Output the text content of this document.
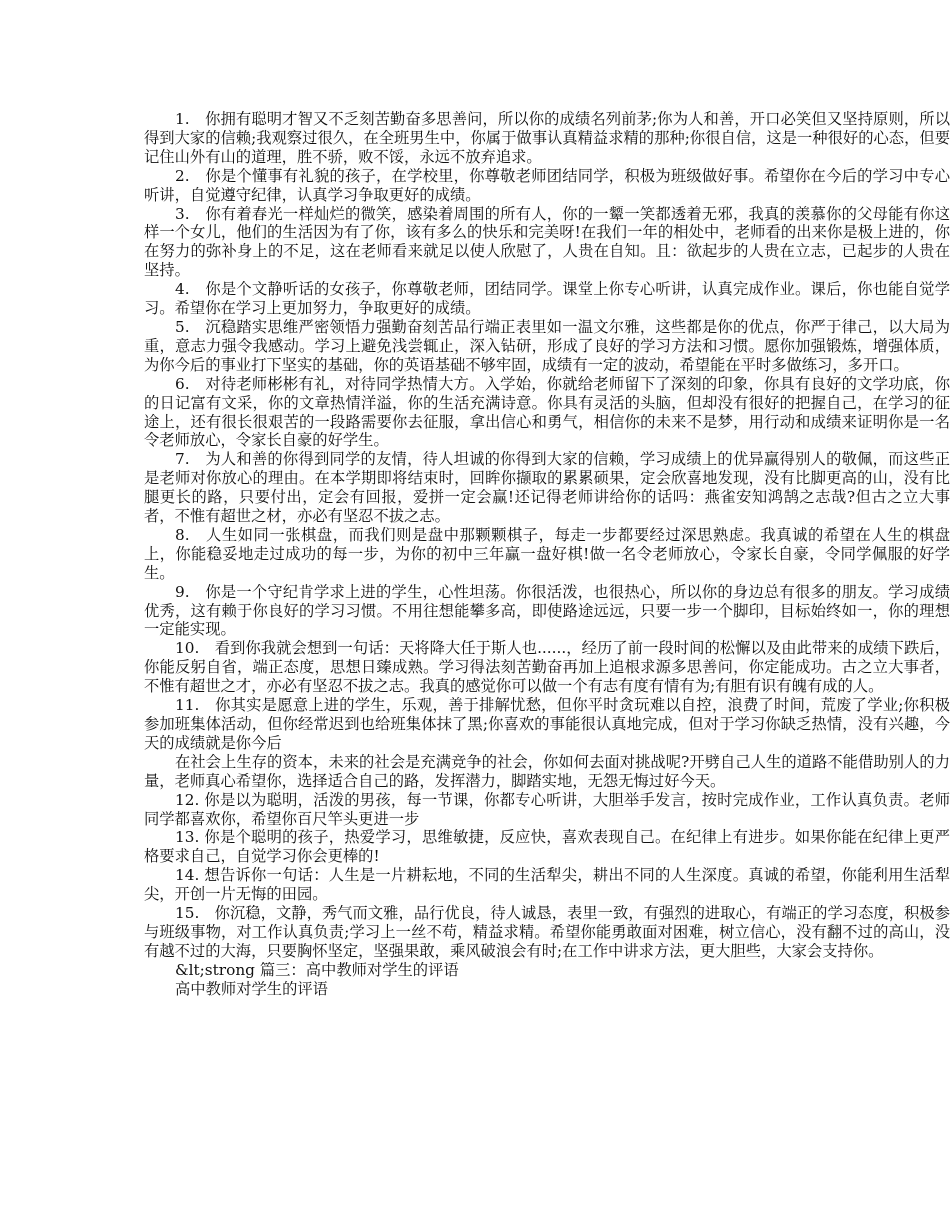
1.　你拥有聪明才智又不乏刻苦勤奋多思善问，所以你的成绩名列前茅;你为人和善，开口必笑但又坚持原则，所以得到大家的信赖;我观察过很久，在全班男生中，你属于做事认真精益求精的那种;你很自信，这是一种很好的心态，但要记住山外有山的道理，胜不骄，败不馁，永远不放弃追求。

2.　你是个懂事有礼貌的孩子，在学校里，你尊敬老师团结同学，积极为班级做好事。希望你在今后的学习中专心听讲，自觉遵守纪律，认真学习争取更好的成绩。

3.　你有着春光一样灿烂的微笑，感染着周围的所有人，你的一颦一笑都透着无邪，我真的羡慕你的父母能有你这样一个女儿，他们的生活因为有了你，该有多么的快乐和完美呀!在我们一年的相处中，老师看的出来你是极上进的，你在努力的弥补身上的不足，这在老师看来就足以使人欣慰了，人贵在自知。且：欲起步的人贵在立志，已起步的人贵在坚持。

4.　你是个文静听话的女孩子，你尊敬老师，团结同学。课堂上你专心听讲，认真完成作业。课后，你也能自觉学习。希望你在学习上更加努力，争取更好的成绩。

5.　沉稳踏实思维严密领悟力强勤奋刻苦品行端正表里如一温文尔雅，这些都是你的优点，你严于律己，以大局为重，意志力强令我感动。学习上避免浅尝辄止，深入钻研，形成了良好的学习方法和习惯。愿你加强锻炼，增强体质，为你今后的事业打下坚实的基础，你的英语基础不够牢固，成绩有一定的波动，希望能在平时多做练习，多开口。

6.　对待老师彬彬有礼，对待同学热情大方。入学始，你就给老师留下了深刻的印象，你具有良好的文学功底，你的日记富有文采，你的文章热情洋溢，你的生活充满诗意。你具有灵活的头脑，但却没有很好的把握自己，在学习的征途上，还有很长很艰苦的一段路需要你去征服，拿出信心和勇气，相信你的未来不是梦，用行动和成绩来证明你是一名令老师放心，令家长自豪的好学生。

7.　为人和善的你得到同学的友情，待人坦诚的你得到大家的信赖，学习成绩上的优异赢得别人的敬佩，而这些正是老师对你放心的理由。在本学期即将结束时，回眸你撷取的累累硕果，定会欣喜地发现，没有比脚更高的山，没有比腿更长的路，只要付出，定会有回报，爱拼一定会赢!还记得老师讲给你的话吗：燕雀安知鸿鹄之志哉?但古之立大事者，不惟有超世之材，亦必有坚忍不拔之志。

8.　人生如同一张棋盘，而我们则是盘中那颗颗棋子，每走一步都要经过深思熟虑。我真诚的希望在人生的棋盘上，你能稳妥地走过成功的每一步，为你的初中三年赢一盘好棋!做一名令老师放心，令家长自豪，令同学佩服的好学生。

9.　你是一个守纪肯学求上进的学生，心性坦荡。你很活泼，也很热心，所以你的身边总有很多的朋友。学习成绩优秀，这有赖于你良好的学习习惯。不用往想能攀多高，即使路途远远，只要一步一个脚印，目标始终如一，你的理想一定能实现。

10.　看到你我就会想到一句话：天将降大任于斯人也......，经历了前一段时间的松懈以及由此带来的成绩下跌后，你能反躬自省，端正态度，思想日臻成熟。学习得法刻苦勤奋再加上追根求源多思善问，你定能成功。古之立大事者，不惟有超世之才，亦必有坚忍不拔之志。我真的感觉你可以做一个有志有度有情有为;有胆有识有魄有成的人。

11.　你其实是愿意上进的学生，乐观，善于排解忧愁，但你平时贪玩难以自控，浪费了时间，荒废了学业;你积极参加班集体活动，但你经常迟到也给班集体抹了黑;你喜欢的事能很认真地完成，但对于学习你缺乏热情，没有兴趣，今天的成绩就是你今后

在社会上生存的资本，未来的社会是充满竞争的社会，你如何去面对挑战呢?开劈自己人生的道路不能借助别人的力量，老师真心希望你，选择适合自己的路，发挥潜力，脚踏实地，无怨无悔过好今天。

12. 你是以为聪明，活泼的男孩，每一节课，你都专心听讲，大胆举手发言，按时完成作业，工作认真负责。老师同学都喜欢你，希望你百尺竿头更进一步

13. 你是个聪明的孩子，热爱学习，思维敏捷，反应快，喜欢表现自己。在纪律上有进步。如果你能在纪律上更严格要求自己，自觉学习你会更棒的!

14. 想告诉你一句话：人生是一片耕耘地，不同的生活犁尖，耕出不同的人生深度。真诚的希望，你能利用生活犁尖，开创一片无悔的田园。

15.　你沉稳，文静，秀气而文雅，品行优良，待人诚恳，表里一致，有强烈的进取心，有端正的学习态度，积极参与班级事物，对工作认真负责;学习上一丝不苟，精益求精。希望你能勇敢面对困难，树立信心，没有翻不过的高山，没有越不过的大海，只要胸怀坚定，坚强果敢，乘风破浪会有时;在工作中讲求方法，更大胆些，大家会支持你。

&lt;strong 篇三：高中教师对学生的评语

高中教师对学生的评语
